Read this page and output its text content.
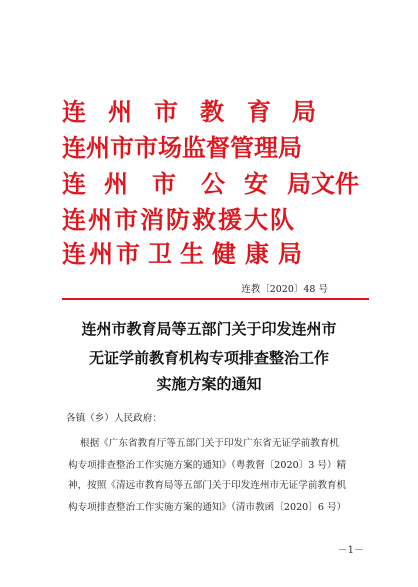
连 州 市 教 育 局
连 州 市 市 场 监 督 管 理 局
连 州 市 公 安 局 文 件
连 州 市 消 防 救 援 大 队
连 州 市 卫 生 健 康 局
连教〔2020〕48 号
连州市教育局等五部门关于印发连州市
无证学前教育机构专项排查整治工作
实施方案的通知
各镇（乡）人民政府：
根据《广东省教育厅等五部门关于印发广东省无证学前教育机
构专项排查整治工作实施方案的通知》（粤教督〔2020〕3 号）精
神，按照《清远市教育局等五部门关于印发连州市无证学前教育机
构专项排查整治工作实施方案的通知》（清市教函〔2020〕6 号）
－1－
